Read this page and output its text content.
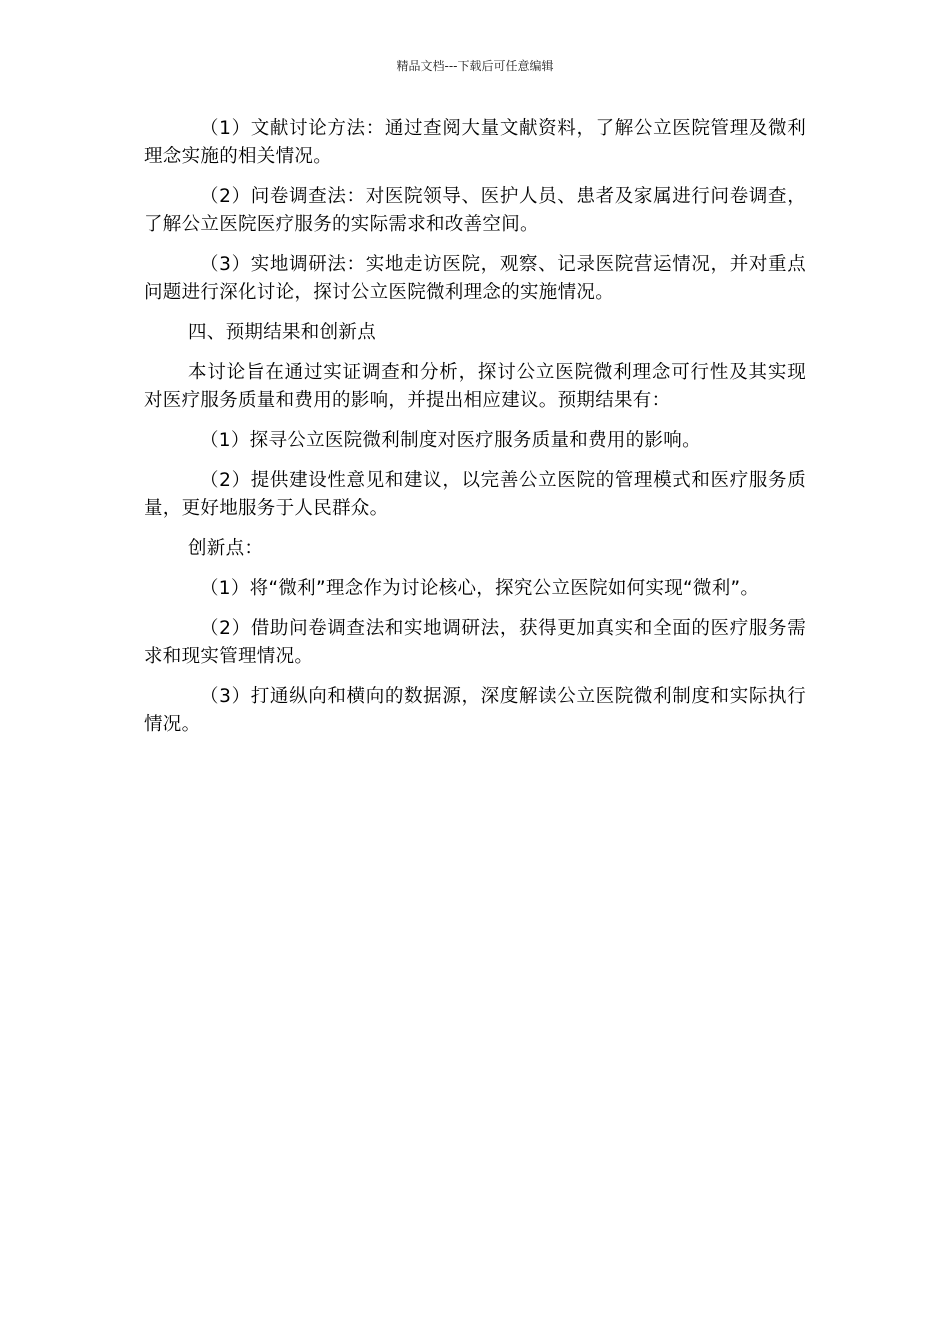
精品文档---下载后可任意编辑

（1）文献讨论方法：通过查阅大量文献资料，了解公立医院管理及微利理念实施的相关情况。

（2）问卷调查法：对医院领导、医护人员、患者及家属进行问卷调查，了解公立医院医疗服务的实际需求和改善空间。

（3）实地调研法：实地走访医院，观察、记录医院营运情况，并对重点问题进行深化讨论，探讨公立医院微利理念的实施情况。

四、预期结果和创新点

本讨论旨在通过实证调查和分析，探讨公立医院微利理念可行性及其实现对医疗服务质量和费用的影响，并提出相应建议。预期结果有：

（1）探寻公立医院微利制度对医疗服务质量和费用的影响。

（2）提供建设性意见和建议，以完善公立医院的管理模式和医疗服务质量，更好地服务于人民群众。

创新点：

（1）将“微利”理念作为讨论核心，探究公立医院如何实现“微利”。

（2）借助问卷调查法和实地调研法，获得更加真实和全面的医疗服务需求和现实管理情况。

（3）打通纵向和横向的数据源，深度解读公立医院微利制度和实际执行情况。
